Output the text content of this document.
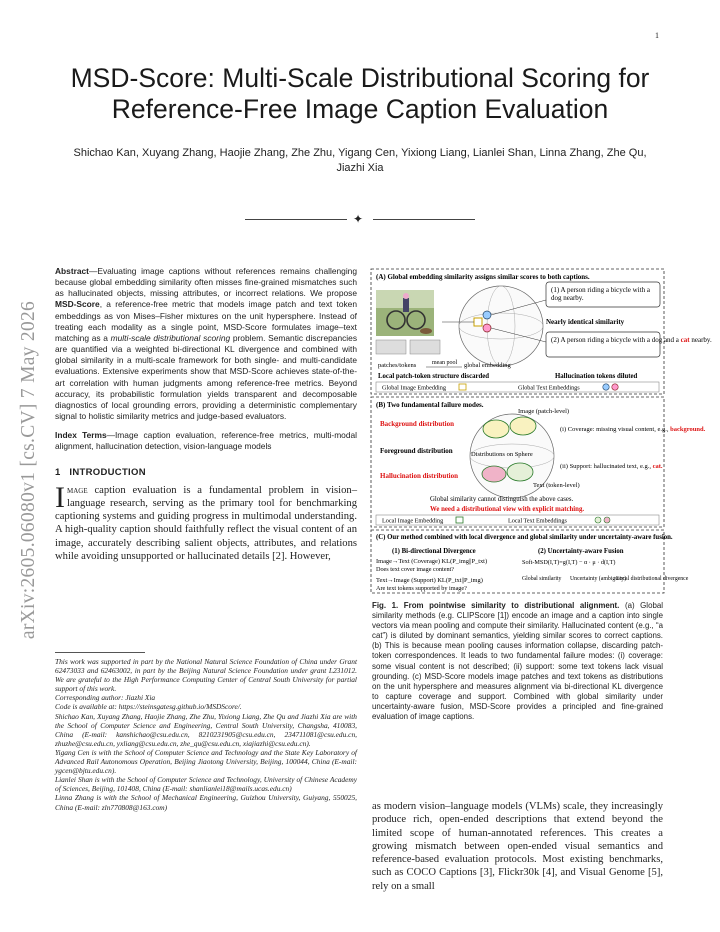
1
MSD-Score: Multi-Scale Distributional Scoring for Reference-Free Image Caption Evaluation
Shichao Kan, Xuyang Zhang, Haojie Zhang, Zhe Zhu, Yigang Cen, Yixiong Liang, Lianlei Shan, Linna Zhang, Zhe Qu, Jiazhi Xia
✦
arXiv:2605.06080v1 [cs.CV] 7 May 2026
Abstract—Evaluating image captions without references remains challenging because global embedding similarity often misses fine-grained mismatches such as hallucinated objects, missing attributes, or incorrect relations. We propose MSD-Score, a reference-free metric that models image patch and text token embeddings as von Mises–Fisher mixtures on the unit hypersphere. Instead of treating each modality as a single point, MSD-Score formulates image–text matching as a multi-scale distributional scoring problem. Semantic discrepancies are quantified via a weighted bi-directional KL divergence and combined with global similarity in a multi-scale framework for both single- and multi-candidate evaluations. Extensive experiments show that MSD-Score achieves state-of-the-art correlation with human judgments among reference-free metrics. Beyond accuracy, its probabilistic formulation yields transparent and decomposable diagnostics of local grounding errors, providing a deterministic complementary signal to holistic similarity metrics and judge-based evaluators.
Index Terms—Image caption evaluation, reference-free metrics, multi-modal alignment, hallucination detection, vision-language models
1 INTRODUCTION
Image caption evaluation is a fundamental problem in vision–language research, serving as the primary tool for benchmarking captioning systems and guiding progress in multimodal understanding. A high-quality caption should faithfully reflect the visual content of an image, accurately describing salient objects, attributes, and relations while avoiding unsupported or hallucinated details [2]. However,

This work was supported in part by the National Natural Science Foundation of China under Grant 62473033 and 62463002, in part by the Beijing Natural Science Foundation under grant L231012. We are grateful to the High Performance Computing Center of Central South University for partial support of this work.

Corresponding author: Jiazhi Xia

Code is available at: https://steinsgatesg.github.io/MSDScore/.

Shichao Kan, Xuyang Zhang, Haojie Zhang, Zhe Zhu, Yixiong Liang, Zhe Qu and Jiazhi Xia are with the School of Computer Science and Engineering, Central South University, Changsha, 410083, China (E-mail: kanshichao@csu.edu.cn, 8210231905@csu.edu.cn, 234711081@csu.edu.cn, zhuzhe@csu.edu.cn, yxliang@csu.edu.cn, zhe_qu@csu.edu.cn, xiajiazhi@csu.edu.cn).

Yigang Cen is with the School of Computer Science and Technology and the State Key Laboratory of Advanced Rail Autonomous Operation, Beijing Jiaotong University, Beijing, 100044, China (E-mail: ygcen@bjtu.edu.cn).

Lianlei Shan is with the School of Computer Science and Technology, University of Chinese Academy of Sciences, Beijing, 101408, China (E-mail: shanlianlei18@mails.ucas.edu.cn)

Linna Zhang is with the School of Mechanical Engineering, Guizhou University, Guiyang, 550025, China (E-mail: zln770808@163.com)

(A) Global embedding similarity assigns similar scores to both captions.
(1) A person riding a bicycle with a dog nearby.
Nearly identical similarity
(2) A person riding a bicycle with a dog and a cat nearby.
patches/tokens	mean pool global embedding
Local patch-token structure discarded	Hallucination tokens diluted
Global Image Embedding	Global Text Embeddings
(B) Two fundamental failure modes.
Background distribution
Foreground distribution
Hallucination distribution
Image (patch-level)
Distributions on Sphere
Text (token-level)
(i) Coverage: missing visual content, e.g., background.
(ii) Support: hallucinated text, e.g., cat.
Global similarity cannot distinguish the above cases.
We need a distributional view with explicit matching.
Local Image Embedding	Local Text Embeddings
(C) Our method combined with local divergence and global similarity under uncertainty-aware fusion.
(1) Bi-directional Divergence
Image→Text (Coverage) KL(P_img||P_txt)
Does text cover image content?
Text→Image (Support) KL(P_txt||P_img)
Are text tokens supported by image?
(2) Uncertainty-aware Fusion
Soft-MSD(I,T)=g(I,T) − α · μ · d(I,T)
Global similarity Uncertainty (ambiguity)
Local distributional divergence
Fig. 1. From pointwise similarity to distributional alignment. (a) Global similarity methods (e.g. CLIPScore [1]) encode an image and a caption into single vectors via mean pooling and compute their similarity. Hallucinated content (e.g., “a cat”) is diluted by dominant semantics, yielding similar scores to correct captions. (b) This is because mean pooling causes information collapse, discarding patch-token correspondences. It leads to two fundamental failure modes: (i) coverage: some visual content is not described; (ii) support: some text tokens lack visual grounding. (c) MSD-Score models image patches and text tokens as distributions on the unit hypersphere and measures alignment via bi-directional KL divergence to capture coverage and support. Combined with global similarity under uncertainty-aware fusion, MSD-Score provides a principled and fine-grained evaluation of image captions.
as modern vision–language models (VLMs) scale, they increasingly produce rich, open-ended descriptions that extend beyond the limited scope of human-annotated references. This creates a growing mismatch between open-ended visual semantics and reference-based evaluation protocols. Most existing benchmarks, such as COCO Captions [3], Flickr30k [4], and Visual Genome [5], rely on a small
